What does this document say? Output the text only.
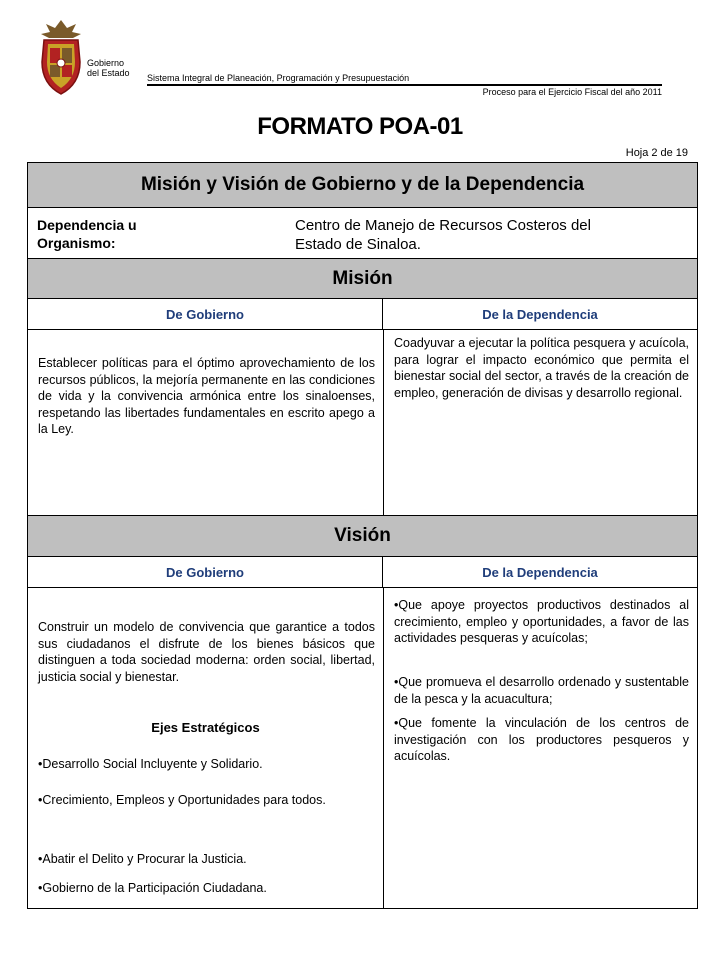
Gobierno
del Estado Sistema Integral de Planeación, Programación y Presupuestación
Proceso para el Ejercicio Fiscal del año 2011
FORMATO POA-01
Hoja 2 de 19
Misión y Visión de Gobierno y de la Dependencia
Dependencia u
Organismo:
Centro de Manejo de Recursos Costeros del
Estado de Sinaloa.
Misión
De Gobierno	De la Dependencia
Establecer políticas para el óptimo aprovechamiento de los recursos públicos, la mejoría permanente en las condiciones de vida y la convivencia armónica entre los sinaloenses, respetando las libertades fundamentales en escrito apego a la Ley.
Coadyuvar a ejecutar la política pesquera y acuícola, para lograr el impacto económico que permita el bienestar social del sector, a través de la creación de empleo, generación de divisas y desarrollo regional.
Visión
De Gobierno	De la Dependencia
Construir un modelo de convivencia que garantice a todos sus ciudadanos el disfrute de los bienes básicos que distinguen a toda sociedad moderna: orden social, libertad, justicia social y bienestar.
Ejes Estratégicos
•Desarrollo Social Incluyente y Solidario.
•Crecimiento, Empleos y Oportunidades para todos.
•Abatir el Delito y Procurar la Justicia.
•Gobierno de la Participación Ciudadana.
•Que apoye proyectos productivos destinados al crecimiento, empleo y oportunidades, a favor de las actividades pesqueras y acuícolas;
•Que promueva el desarrollo ordenado y sustentable de la pesca y la acuacultura;
•Que fomente la vinculación de los centros de investigación con los productores pesqueros y acuícolas.
